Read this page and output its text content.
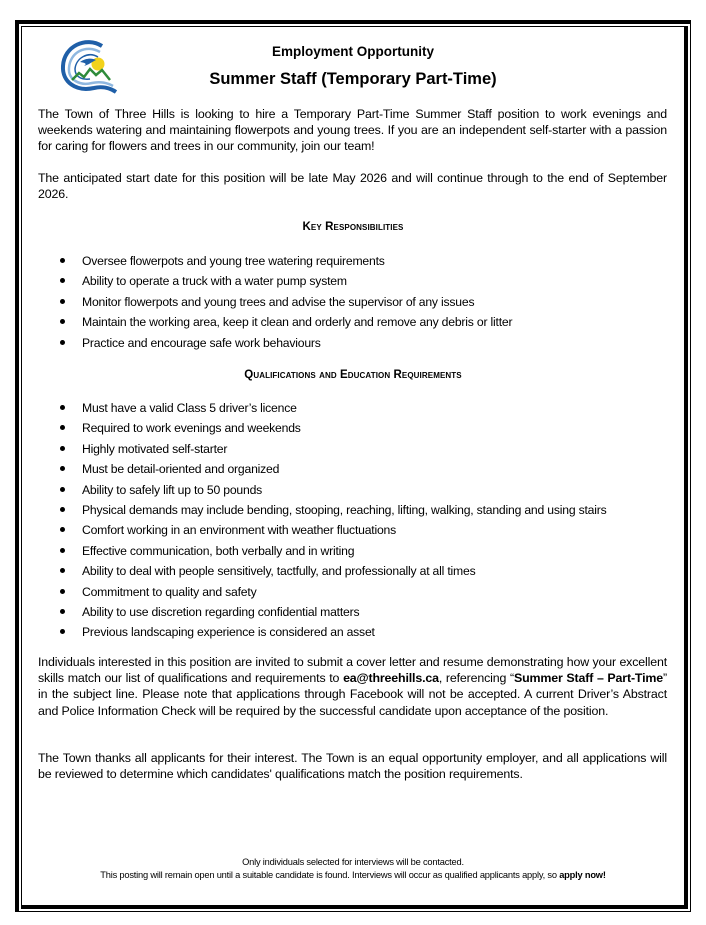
Employment Opportunity
Summer Staff (Temporary Part-Time)
The Town of Three Hills is looking to hire a Temporary Part-Time Summer Staff position to work evenings and weekends watering and maintaining flowerpots and young trees. If you are an independent self-starter with a passion for caring for flowers and trees in our community, join our team!
The anticipated start date for this position will be late May 2026 and will continue through to the end of September 2026.
Key Responsibilities
Oversee flowerpots and young tree watering requirements
Ability to operate a truck with a water pump system
Monitor flowerpots and young trees and advise the supervisor of any issues
Maintain the working area, keep it clean and orderly and remove any debris or litter
Practice and encourage safe work behaviours
Qualifications and Education Requirements
Must have a valid Class 5 driver’s licence
Required to work evenings and weekends
Highly motivated self-starter
Must be detail-oriented and organized
Ability to safely lift up to 50 pounds
Physical demands may include bending, stooping, reaching, lifting, walking, standing and using stairs
Comfort working in an environment with weather fluctuations
Effective communication, both verbally and in writing
Ability to deal with people sensitively, tactfully, and professionally at all times
Commitment to quality and safety
Ability to use discretion regarding confidential matters
Previous landscaping experience is considered an asset
Individuals interested in this position are invited to submit a cover letter and resume demonstrating how your excellent skills match our list of qualifications and requirements to ea@threehills.ca, referencing “Summer Staff – Part-Time” in the subject line. Please note that applications through Facebook will not be accepted. A current Driver’s Abstract and Police Information Check will be required by the successful candidate upon acceptance of the position.
The Town thanks all applicants for their interest. The Town is an equal opportunity employer, and all applications will be reviewed to determine which candidates' qualifications match the position requirements.
Only individuals selected for interviews will be contacted.
This posting will remain open until a suitable candidate is found. Interviews will occur as qualified applicants apply, so apply now!
